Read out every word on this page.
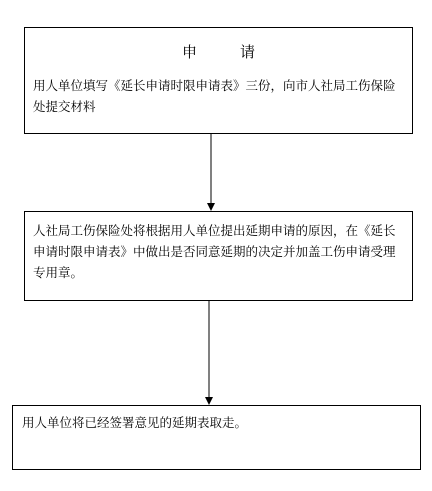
申　请
用人单位填写《延长申请时限申请表》三份，向市人社局工伤保险处提交材料
人社局工伤保险处将根据用人单位提出延期申请的原因，在《延长申请时限申请表》中做出是否同意延期的决定并加盖工伤申请受理专用章。
用人单位将已经签署意见的延期表取走。
